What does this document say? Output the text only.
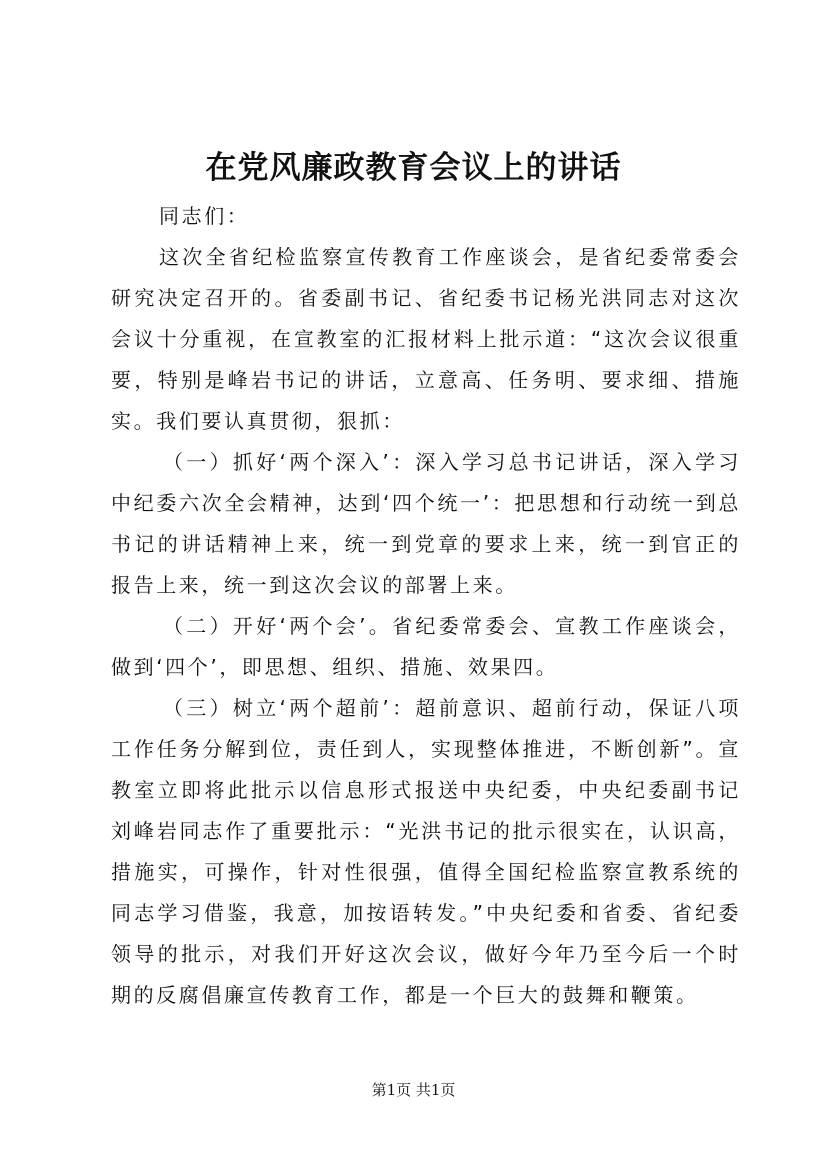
在党风廉政教育会议上的讲话

同志们：

这次全省纪检监察宣传教育工作座谈会，是省纪委常委会研究决定召开的。省委副书记、省纪委书记杨光洪同志对这次会议十分重视，在宣教室的汇报材料上批示道：“这次会议很重要，特别是峰岩书记的讲话，立意高、任务明、要求细、措施实。我们要认真贯彻，狠抓：

（一）抓好‘两个深入’：深入学习总书记讲话，深入学习中纪委六次全会精神，达到‘四个统一’：把思想和行动统一到总书记的讲话精神上来，统一到党章的要求上来，统一到官正的报告上来，统一到这次会议的部署上来。

（二）开好‘两个会’。省纪委常委会、宣教工作座谈会，做到‘四个’，即思想、组织、措施、效果四。

（三）树立‘两个超前’：超前意识、超前行动，保证八项工作任务分解到位，责任到人，实现整体推进，不断创新”。宣教室立即将此批示以信息形式报送中央纪委，中央纪委副书记刘峰岩同志作了重要批示：“光洪书记的批示很实在，认识高，措施实，可操作，针对性很强，值得全国纪检监察宣教系统的同志学习借鉴，我意，加按语转发。”中央纪委和省委、省纪委领导的批示，对我们开好这次会议，做好今年乃至今后一个时期的反腐倡廉宣传教育工作，都是一个巨大的鼓舞和鞭策。

第1页 共1页
